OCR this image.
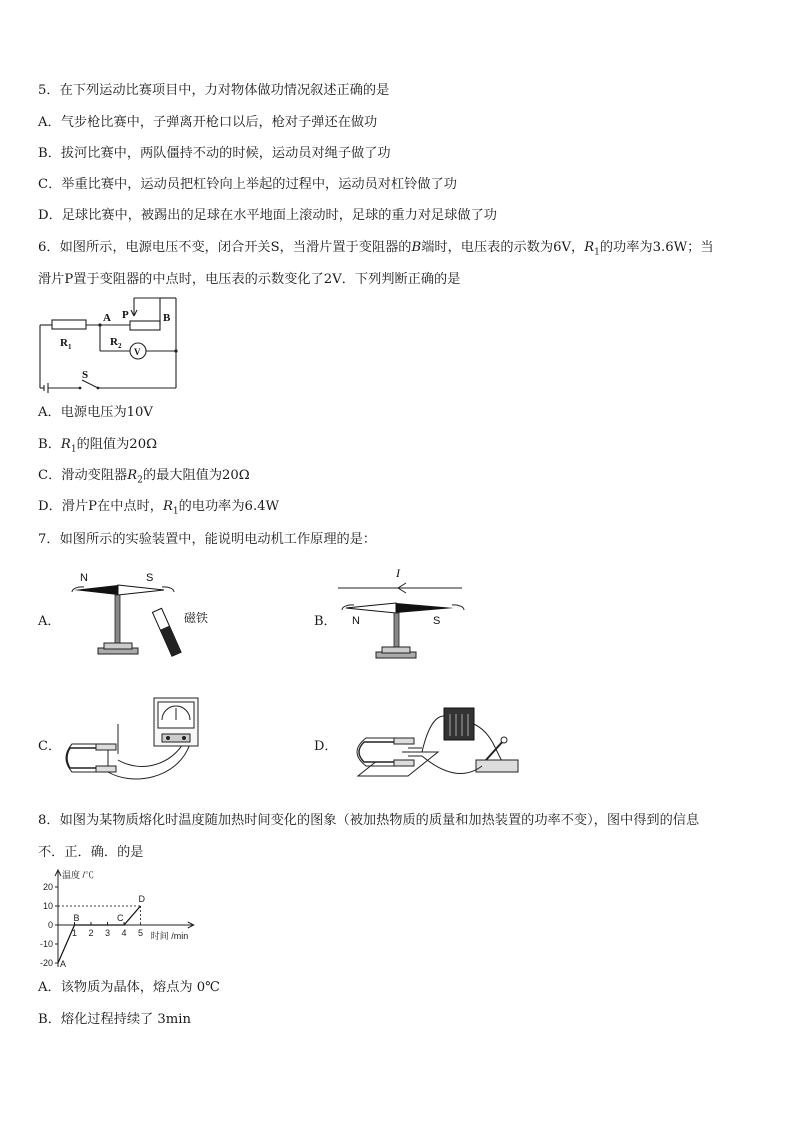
5．在下列运动比赛项目中，力对物体做功情况叙述正确的是
A．气步枪比赛中，子弹离开枪口以后，枪对子弹还在做功
B．拔河比赛中，两队僵持不动的时候，运动员对绳子做了功
C．举重比赛中，运动员把杠铃向上举起的过程中，运动员对杠铃做了功
D．足球比赛中，被踢出的足球在水平地面上滚动时，足球的重力对足球做了功
6．如图所示，电源电压不变，闭合开关S，当滑片置于变阻器的B端时，电压表的示数为6V，$R_1$的功率为3.6W；当
滑片P置于变阻器的中点时，电压表的示数变化了2V．下列判断正确的是
A P	B
$R_1$	$R_2$
V
S
A．电源电压为10V
B．$R_1$的阻值为20Ω
C．滑动变阻器$R_2$的最大阻值为20Ω
D．滑片P在中点时，$R_1$的电功率为6.4W
7．如图所示的实验装置中，能说明电动机工作原理的是：
A．
N	S
磁铁	B．
I
N	S
C．	D．
8．如图为某物质熔化时温度随加热时间变化的图象（被加热物质的质量和加热装置的功率不变），图中得到的信息
不．正．确．的是
温度 /℃
时间 /min
20
10
0
-10
-20
1 2 3 4 5
A
B	C
D
A．该物质为晶体，熔点为 0℃
B．熔化过程持续了 3min
